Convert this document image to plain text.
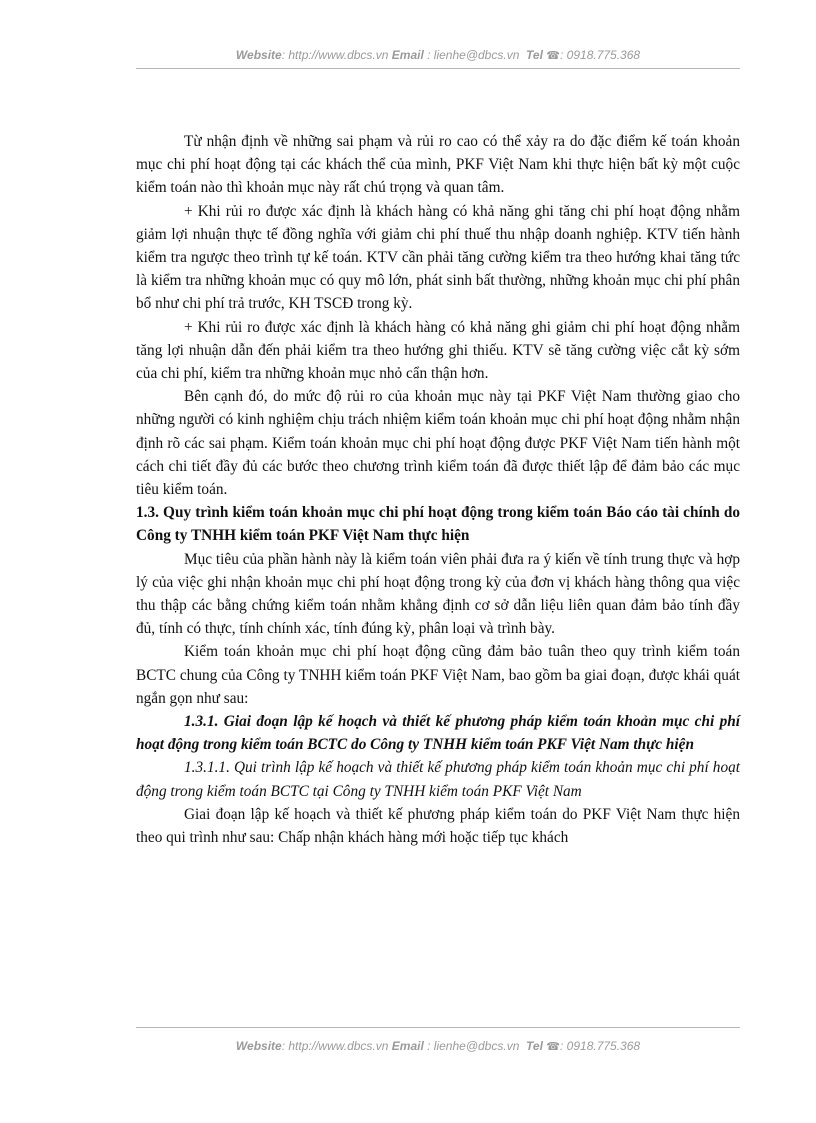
Website: http://www.dbcs.vn Email : lienhe@dbcs.vn Tel ☎: 0918.775.368

Từ nhận định về những sai phạm và rủi ro cao có thể xảy ra do đặc điểm kế toán khoản mục chi phí hoạt động tại các khách thể của mình, PKF Việt Nam khi thực hiện bất kỳ một cuộc kiểm toán nào thì khoản mục này rất chú trọng và quan tâm.

+ Khi rủi ro được xác định là khách hàng có khả năng ghi tăng chi phí hoạt động nhằm giảm lợi nhuận thực tế đồng nghĩa với giảm chi phí thuế thu nhập doanh nghiệp. KTV tiến hành kiểm tra ngược theo trình tự kế toán. KTV cần phải tăng cường kiểm tra theo hướng khai tăng tức là kiểm tra những khoản mục có quy mô lớn, phát sinh bất thường, những khoản mục chi phí phân bổ như chi phí trả trước, KH TSCĐ trong kỳ.

+ Khi rủi ro được xác định là khách hàng có khả năng ghi giảm chi phí hoạt động nhằm tăng lợi nhuận dẫn đến phải kiểm tra theo hướng ghi thiếu. KTV sẽ tăng cường việc cắt kỳ sớm của chi phí, kiểm tra những khoản mục nhỏ cẩn thận hơn.

Bên cạnh đó, do mức độ rủi ro của khoản mục này tại PKF Việt Nam thường giao cho những người có kinh nghiệm chịu trách nhiệm kiểm toán khoản mục chi phí hoạt động nhằm nhận định rõ các sai phạm. Kiểm toán khoản mục chi phí hoạt động được PKF Việt Nam tiến hành một cách chi tiết đầy đủ các bước theo chương trình kiểm toán đã được thiết lập để đảm bảo các mục tiêu kiểm toán.

1.3. Quy trình kiểm toán khoản mục chi phí hoạt động trong kiểm toán Báo cáo tài chính do Công ty TNHH kiểm toán PKF Việt Nam thực hiện

Mục tiêu của phần hành này là kiểm toán viên phải đưa ra ý kiến về tính trung thực và hợp lý của việc ghi nhận khoản mục chi phí hoạt động trong kỳ của đơn vị khách hàng thông qua việc thu thập các bằng chứng kiểm toán nhằm khẳng định cơ sở dẫn liệu liên quan đảm bảo tính đầy đủ, tính có thực, tính chính xác, tính đúng kỳ, phân loại và trình bày.

Kiểm toán khoản mục chi phí hoạt động cũng đảm bảo tuân theo quy trình kiểm toán BCTC chung của Công ty TNHH kiểm toán PKF Việt Nam, bao gồm ba giai đoạn, được khái quát ngắn gọn như sau:

1.3.1. Giai đoạn lập kế hoạch và thiết kế phương pháp kiểm toán khoản mục chi phí hoạt động trong kiểm toán BCTC do Công ty TNHH kiểm toán PKF Việt Nam thực hiện

1.3.1.1. Qui trình lập kế hoạch và thiết kế phương pháp kiểm toán khoản mục chi phí hoạt động trong kiểm toán BCTC tại Công ty TNHH kiểm toán PKF Việt Nam

Giai đoạn lập kế hoạch và thiết kế phương pháp kiểm toán do PKF Việt Nam thực hiện theo qui trình như sau: Chấp nhận khách hàng mới hoặc tiếp tục khách

Website: http://www.dbcs.vn Email : lienhe@dbcs.vn Tel ☎: 0918.775.368
